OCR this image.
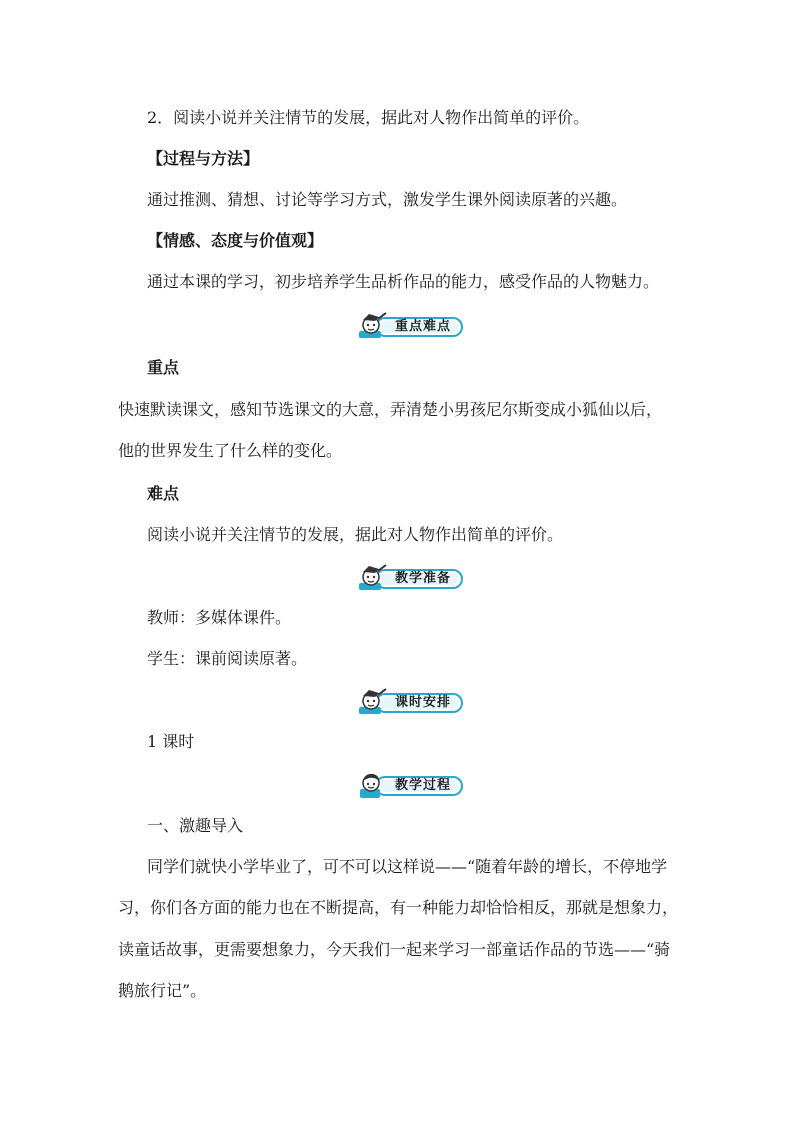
2．阅读小说并关注情节的发展，据此对人物作出简单的评价。

【过程与方法】

通过推测、猜想、讨论等学习方式，激发学生课外阅读原著的兴趣。

【情感、态度与价值观】

通过本课的学习，初步培养学生品析作品的能力，感受作品的人物魅力。

重点难点

重点

快速默读课文，感知节选课文的大意，弄清楚小男孩尼尔斯变成小狐仙以后，

他的世界发生了什么样的变化。

难点

阅读小说并关注情节的发展，据此对人物作出简单的评价。

教学准备

教师：多媒体课件。

学生：课前阅读原著。

课时安排

1 课时

教学过程

一、激趣导入

同学们就快小学毕业了，可不可以这样说——“随着年龄的增长，不停地学

习，你们各方面的能力也在不断提高，有一种能力却恰恰相反，那就是想象力，

读童话故事，更需要想象力，今天我们一起来学习一部童话作品的节选——“骑

鹅旅行记”。
